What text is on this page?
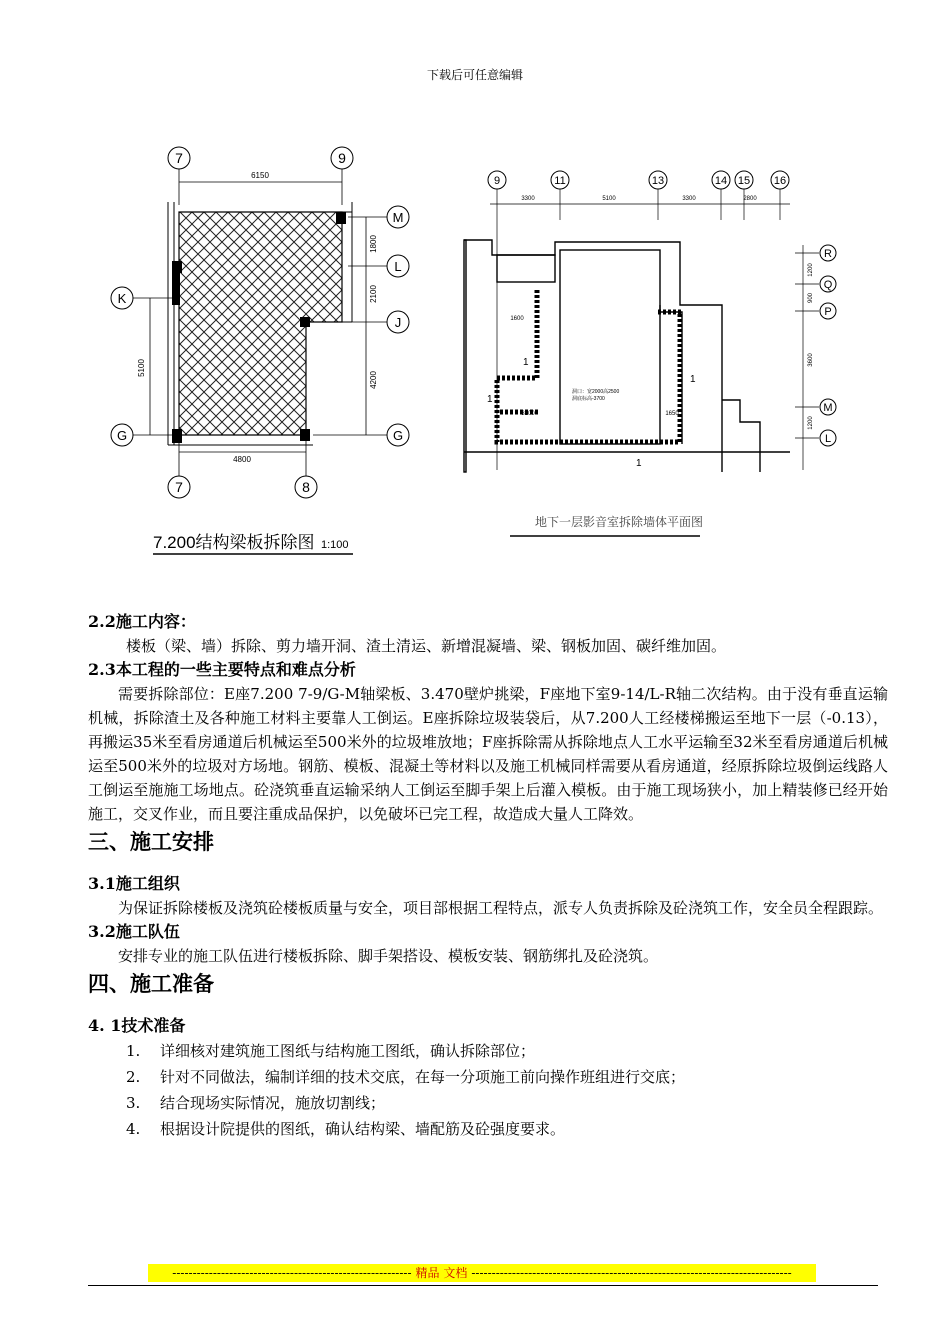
下载后可任意编辑
7	9
M
L
K
J
G	G
7	8
6150
1800
2100
4200
5100
4800
7.200结构梁板拆除图 1:100
9	11	13	14 15 16
R
Q
P
M
L
3300	5100	3300	2800
1200
900
3600
1200
1600
3100	1650
洞口：宽2000高2500
洞底标高-3700
1
1
1
1
地下一层影音室拆除墙体平面图

2.2施工内容：

楼板（梁、墙）拆除、剪力墙开洞、渣土清运、新增混凝墙、梁、钢板加固、碳纤维加固。

2.3本工程的一些主要特点和难点分析

需要拆除部位：E座7.200 7-9/G-M轴梁板、3.470壁炉挑梁，F座地下室9-14/L-R轴二次结构。由于没有垂直运输机械，拆除渣土及各种施工材料主要靠人工倒运。E座拆除垃圾装袋后，从7.200人工经楼梯搬运至地下一层（-0.13），再搬运35米至看房通道后机械运至500米外的垃圾堆放地；F座拆除需从拆除地点人工水平运输至32米至看房通道后机械运至500米外的垃圾对方场地。钢筋、模板、混凝土等材料以及施工机械同样需要从看房通道，经原拆除垃圾倒运线路人工倒运至施施工场地点。砼浇筑垂直运输采纳人工倒运至脚手架上后灌入模板。由于施工现场狭小，加上精装修已经开始施工，交叉作业，而且要注重成品保护，以免破坏已完工程，故造成大量人工降效。

三、施工安排

3.1施工组织

为保证拆除楼板及浇筑砼楼板质量与安全，项目部根据工程特点，派专人负责拆除及砼浇筑工作，安全员全程跟踪。

3.2施工队伍

安排专业的施工队伍进行楼板拆除、脚手架搭设、模板安装、钢筋绑扎及砼浇筑。

四、施工准备

4. 1技术准备

1. 详细核对建筑施工图纸与结构施工图纸，确认拆除部位；
2. 针对不同做法，编制详细的技术交底，在每一分项施工前向操作班组进行交底；
3. 结合现场实际情况，施放切割线；
4. 根据设计院提供的图纸，确认结构梁、墙配筋及砼强度要求。
----------------------------------------------------------- 精品 文档 -------------------------------------------------------------------------------
